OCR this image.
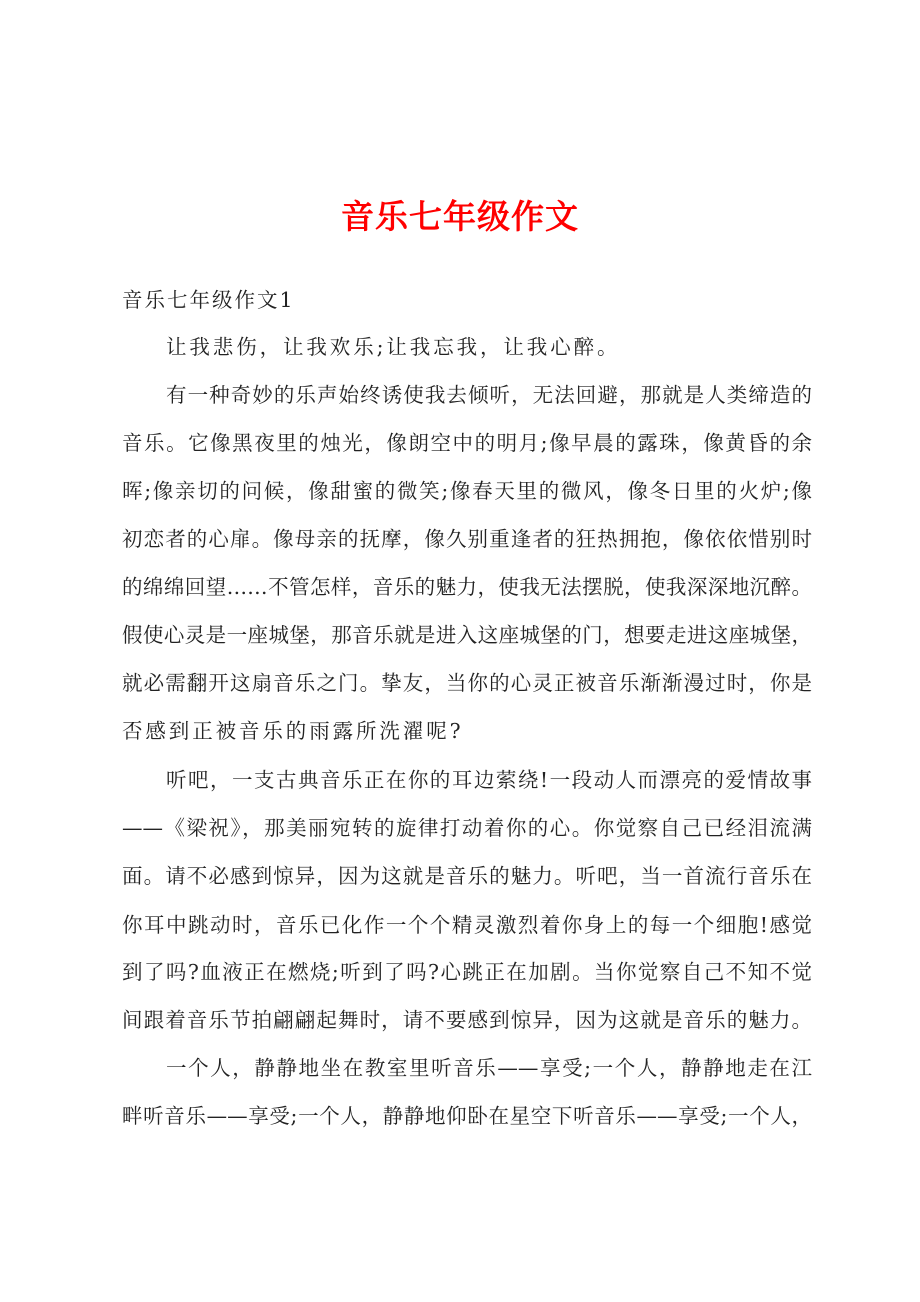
音乐七年级作文
音乐七年级作文1
让我悲伤，让我欢乐;让我忘我，让我心醉。
有一种奇妙的乐声始终诱使我去倾听，无法回避，那就是人类缔造的
音乐。它像黑夜里的烛光，像朗空中的明月;像早晨的露珠，像黄昏的余
晖;像亲切的问候，像甜蜜的微笑;像春天里的微风，像冬日里的火炉;像
初恋者的心扉。像母亲的抚摩，像久别重逢者的狂热拥抱，像依依惜别时
的绵绵回望……不管怎样，音乐的魅力，使我无法摆脱，使我深深地沉醉。
假使心灵是一座城堡，那音乐就是进入这座城堡的门，想要走进这座城堡，
就必需翻开这扇音乐之门。挚友，当你的心灵正被音乐渐渐漫过时，你是
否感到正被音乐的雨露所洗濯呢?
听吧，一支古典音乐正在你的耳边萦绕!一段动人而漂亮的爱情故事
——《梁祝》，那美丽宛转的旋律打动着你的心。你觉察自己已经泪流满
面。请不必感到惊异，因为这就是音乐的魅力。听吧，当一首流行音乐在
你耳中跳动时，音乐已化作一个个精灵激烈着你身上的每一个细胞!感觉
到了吗?血液正在燃烧;听到了吗?心跳正在加剧。当你觉察自己不知不觉
间跟着音乐节拍翩翩起舞时，请不要感到惊异，因为这就是音乐的魅力。
一个人，静静地坐在教室里听音乐——享受;一个人，静静地走在江
畔听音乐——享受;一个人，静静地仰卧在星空下听音乐——享受;一个人，
